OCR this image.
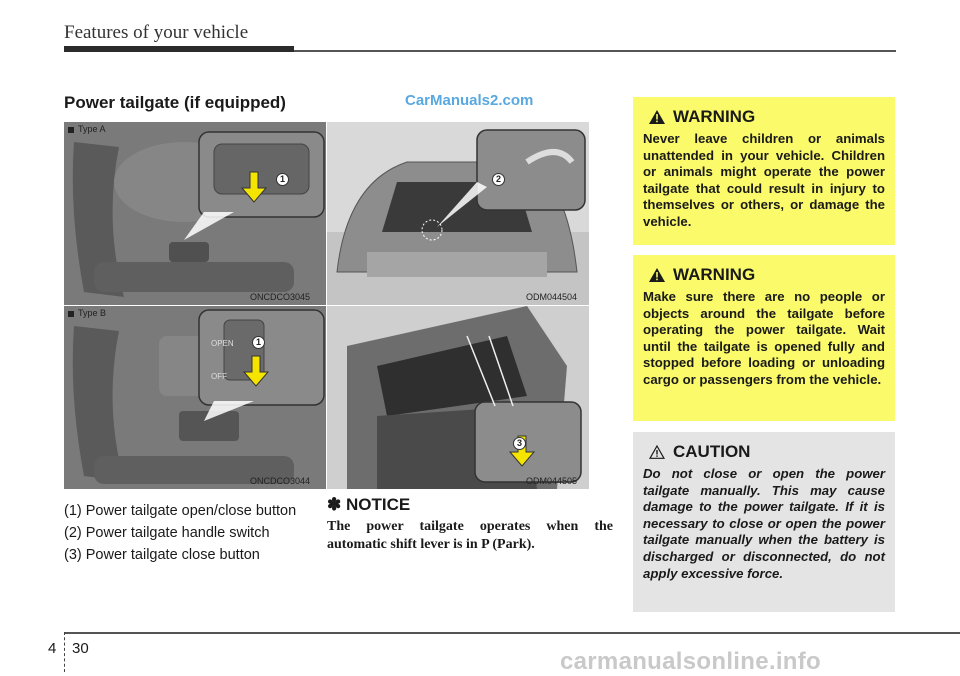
Features of your vehicle
Power tailgate (if equipped)	CarManuals2.com
Type A
1
ONCDCO3045
2
ODM044504
Type B
OPEN
OFF
1
ONCDCO3044
3
ODM044505
(1) Power tailgate open/close button
(2) Power tailgate handle switch
(3) Power tailgate close button
✽ NOTICE
The power tailgate operates when the automatic shift lever is in P (Park).
WARNING
Never leave children or animals unattended in your vehicle. Children or animals might operate the power tailgate that could result in injury to themselves or others, or damage the vehicle.
WARNING
Make sure there are no people or objects around the tailgate before operating the power tailgate. Wait until the tailgate is opened fully and stopped before loading or unloading cargo or passengers from the vehicle.
CAUTION
Do not close or open the power tailgate manually. This may cause damage to the power tailgate. If it is necessary to close or open the power tailgate manually when the battery is discharged or disconnected, do not apply excessive force.
4 30	carmanualsonline.info
